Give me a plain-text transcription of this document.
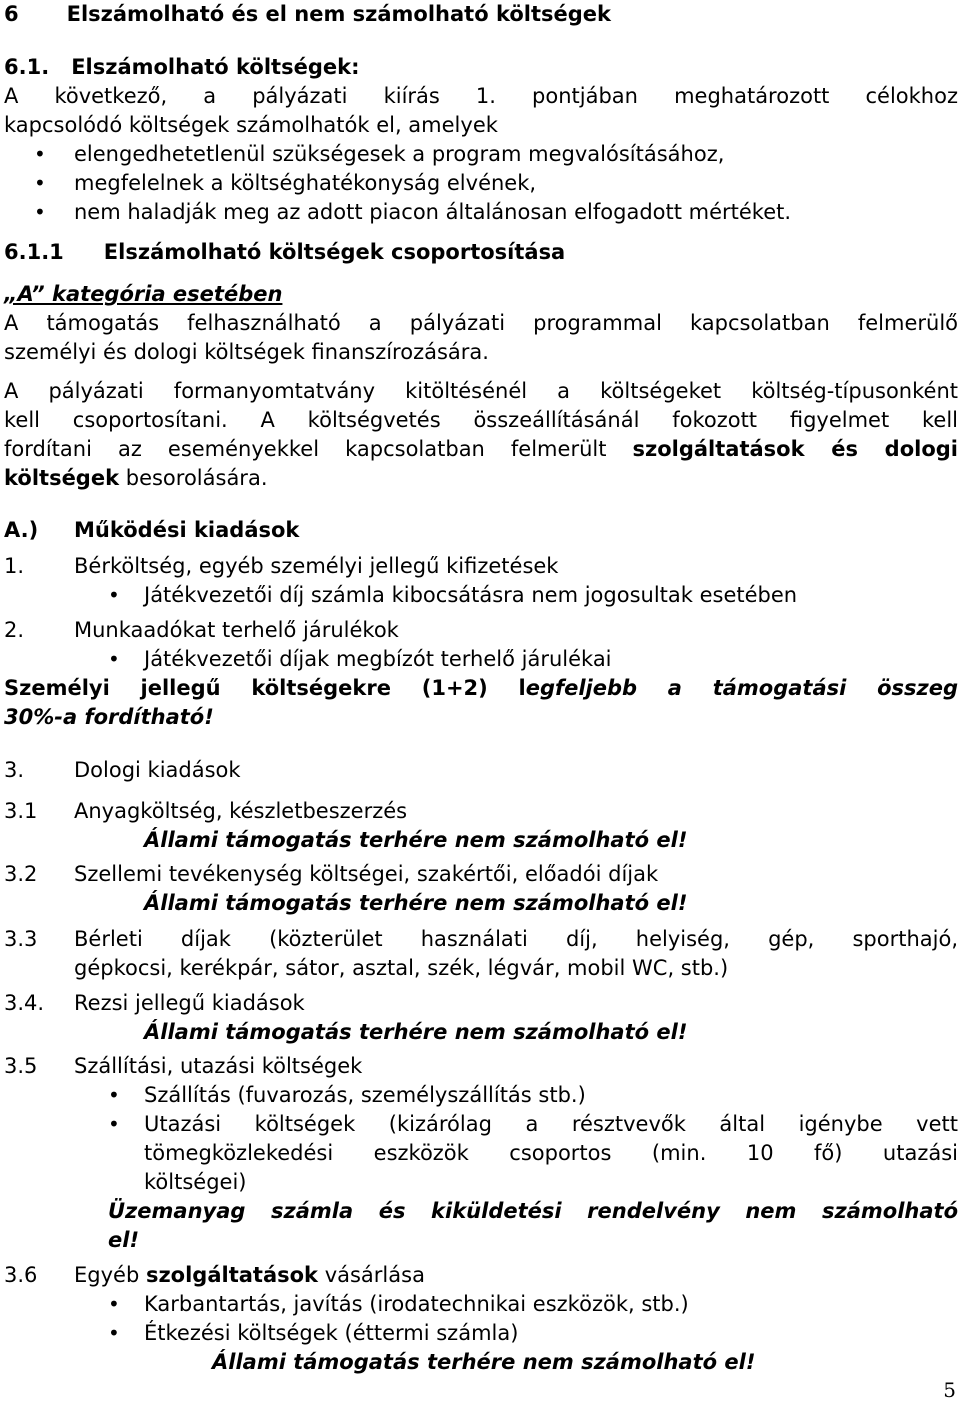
6 Elszámolható és el nem számolható költségek
6.1. Elszámolható költségek:
A következő, a pályázati kiírás 1. pontjában meghatározott célokhoz
kapcsolódó költségek számolhatók el, amelyek
• elengedhetetlenül szükségesek a program megvalósításához,
• megfelelnek a költséghatékonyság elvének,
• nem haladják meg az adott piacon általánosan elfogadott mértéket.
6.1.1 Elszámolható költségek csoportosítása
„A” kategória esetében
A támogatás felhasználható a pályázati programmal kapcsolatban felmerülő
személyi és dologi költségek finanszírozására.
A pályázati formanyomtatvány kitöltésénél a költségeket költség-típusonként
kell csoportosítani. A költségvetés összeállításánál fokozott figyelmet kell
fordítani az eseményekkel kapcsolatban felmerült szolgáltatások és dologi
költségek besorolására.
A.) Működési kiadások
1. Bérköltség, egyéb személyi jellegű kifizetések
• Játékvezetői díj számla kibocsátásra nem jogosultak esetében
2. Munkaadókat terhelő járulékok
• Játékvezetői díjak megbízót terhelő járulékai
Személyi jellegű költségekre (1+2) legfeljebb a támogatási összeg
30%-a fordítható!
3. Dologi kiadások
3.1 Anyagköltség, készletbeszerzés
Állami támogatás terhére nem számolható el!
3.2 Szellemi tevékenység költségei, szakértői, előadói díjak
Állami támogatás terhére nem számolható el!
3.3 Bérleti díjak (közterület használati díj, helyiség, gép, sporthajó,
gépkocsi, kerékpár, sátor, asztal, szék, légvár, mobil WC, stb.)
3.4. Rezsi jellegű kiadások
Állami támogatás terhére nem számolható el!
3.5 Szállítási, utazási költségek
• Szállítás (fuvarozás, személyszállítás stb.)
• Utazási költségek (kizárólag a résztvevők által igénybe vett
tömegközlekedési eszközök csoportos (min. 10 fő) utazási
költségei)
Üzemanyag számla és kiküldetési rendelvény nem számolható
el!
3.6 Egyéb szolgáltatások vásárlása
• Karbantartás, javítás (irodatechnikai eszközök, stb.)
• Étkezési költségek (éttermi számla)
Állami támogatás terhére nem számolható el!
5
